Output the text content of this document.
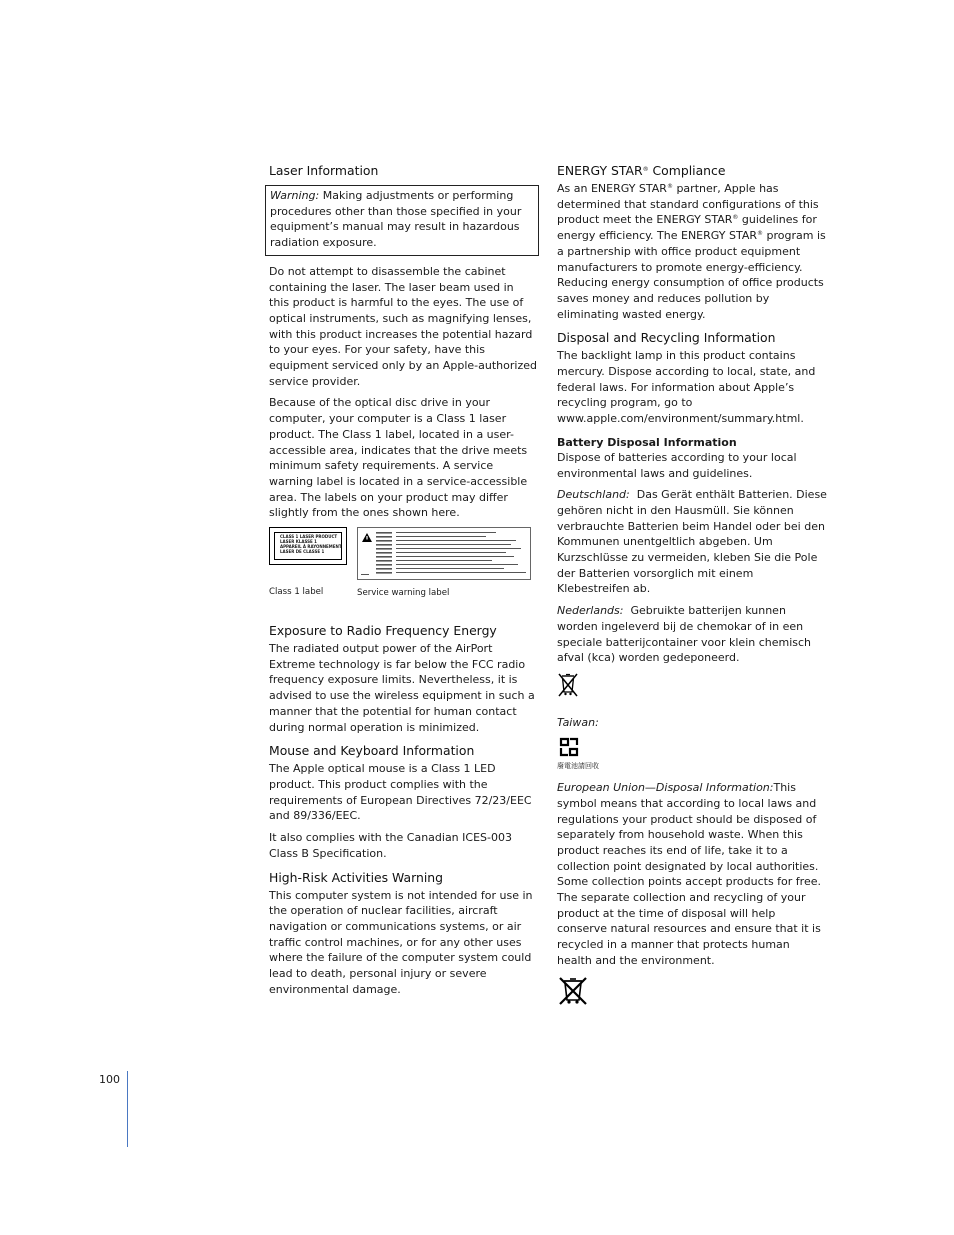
Laser Information
Warning: Making adjustments or performing procedures other than those specified in your equipment’s manual may result in hazardous radiation exposure.

Do not attempt to disassemble the cabinet containing the laser. The laser beam used in this product is harmful to the eyes. The use of optical instruments, such as magnifying lenses, with this product increases the potential hazard to your eyes. For your safety, have this equipment serviced only by an Apple-authorized service provider.

Because of the optical disc drive in your computer, your computer is a Class 1 laser product. The Class 1 label, located in a user-accessible area, indicates that the drive meets minimum safety requirements. A service warning label is located in a service-accessible area. The labels on your product may differ slightly from the ones shown here.

CLASS 1 LASER PRODUCT
LASER KLASSE 1
APPAREIL À RAYONNEMENT
LASER DE CLASSE 1
Class 1 label	Service warning label
Exposure to Radio Frequency Energy

The radiated output power of the AirPort Extreme technology is far below the FCC radio frequency exposure limits. Nevertheless, it is advised to use the wireless equipment in such a manner that the potential for human contact during normal operation is minimized.

Mouse and Keyboard Information

The Apple optical mouse is a Class 1 LED product. This product complies with the requirements of European Directives 72/23/EEC and 89/336/EEC.

It also complies with the Canadian ICES-003 Class B Specification.

High-Risk Activities Warning

This computer system is not intended for use in the operation of nuclear facilities, aircraft navigation or communications systems, or air traffic control machines, or for any other uses where the failure of the computer system could lead to death, personal injury or severe environmental damage.

ENERGY STAR® Compliance

As an ENERGY STAR® partner, Apple has determined that standard configurations of this product meet the ENERGY STAR® guidelines for energy efficiency. The ENERGY STAR® program is a partnership with office product equipment manufacturers to promote energy-efficiency. Reducing energy consumption of office products saves money and reduces pollution by eliminating wasted energy.

Disposal and Recycling Information

The backlight lamp in this product contains mercury. Dispose according to local, state, and federal laws. For information about Apple’s recycling program, go to www.apple.com/environment/summary.html.

Battery Disposal Information

Dispose of batteries according to your local environmental laws and guidelines.

Deutschland: Das Gerät enthält Batterien. Diese gehören nicht in den Hausmüll. Sie können verbrauchte Batterien beim Handel oder bei den Kommunen unentgeltlich abgeben. Um Kurzschlüsse zu vermeiden, kleben Sie die Pole der Batterien vorsorglich mit einem Klebestreifen ab.

Nederlands: Gebruikte batterijen kunnen worden ingeleverd bij de chemokar of in een speciale batterijcontainer voor klein chemisch afval (kca) worden gedeponeerd.

Taiwan:

廢電池請回收

European Union—Disposal Information:This symbol means that according to local laws and regulations your product should be disposed of separately from household waste. When this product reaches its end of life, take it to a collection point designated by local authorities. Some collection points accept products for free. The separate collection and recycling of your product at the time of disposal will help conserve natural resources and ensure that it is recycled in a manner that protects human health and the environment.

100
